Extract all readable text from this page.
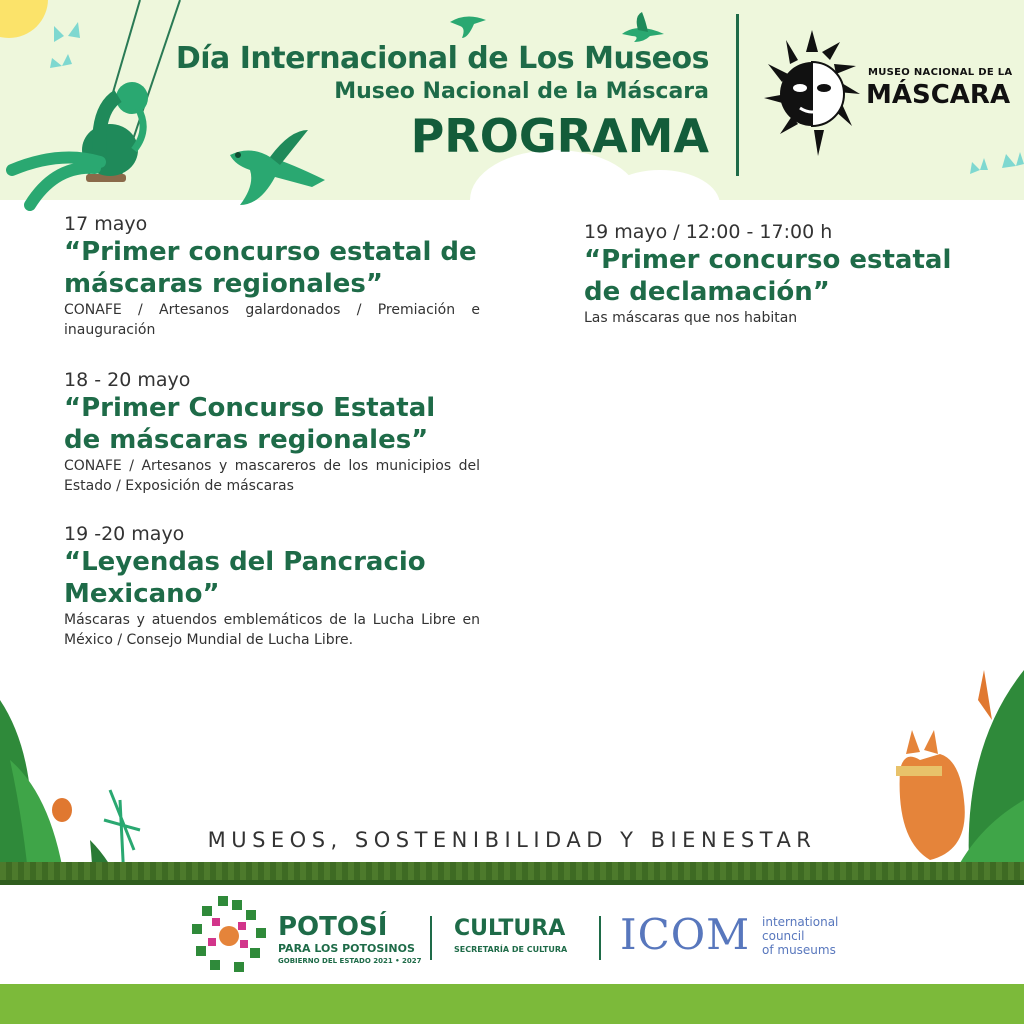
Día Internacional de Los Museos
Museo Nacional de la Máscara
PROGRAMA
MUSEO NACIONAL DE LA
MÁSCARA
17 mayo
“Primer concurso estatal de máscaras regionales”
CONAFE / Artesanos galardonados / Premiación e inauguración
18 - 20 mayo
“Primer Concurso Estatal de máscaras regionales”
CONAFE / Artesanos y mascareros de los municipios del Estado / Exposición de máscaras
19 -20 mayo
“Leyendas del Pancracio Mexicano”
Máscaras y atuendos emblemáticos de la Lucha Libre en México / Consejo Mundial de Lucha Libre.
19 mayo / 12:00 - 17:00 h
“Primer concurso estatal de declamación”
Las máscaras que nos habitan
MUSEOS, SOSTENIBILIDAD Y BIENESTAR
POTOSÍ
PARA LOS POTOSINOS
GOBIERNO DEL ESTADO 2021 • 2027
CULTURA
SECRETARÍA DE CULTURA ICOM international
council
of museums
